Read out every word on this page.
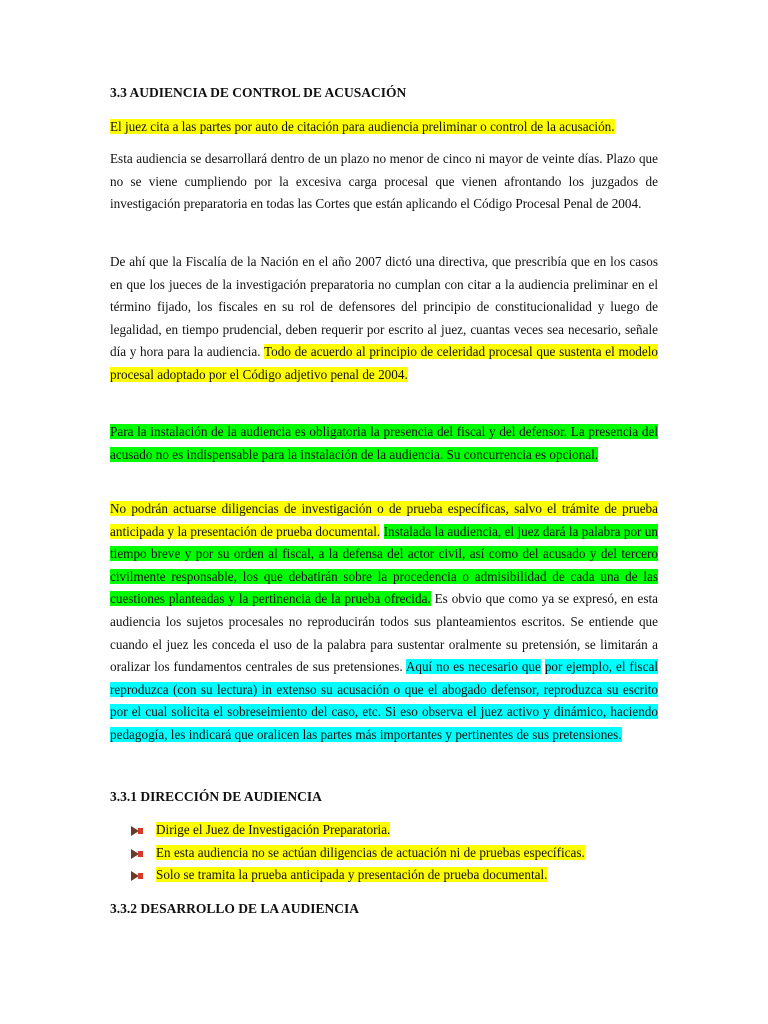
3.3 AUDIENCIA DE CONTROL DE ACUSACIÓN

El juez cita a las partes por auto de citación para audiencia preliminar o control de la acusación.

Esta audiencia se desarrollará dentro de un plazo no menor de cinco ni mayor de veinte días. Plazo que no se viene cumpliendo por la excesiva carga procesal que vienen afrontando los juzgados de investigación preparatoria en todas las Cortes que están aplicando el Código Procesal Penal de 2004.

De ahí que la Fiscalía de la Nación en el año 2007 dictó una directiva, que prescribía que en los casos en que los jueces de la investigación preparatoria no cumplan con citar a la audiencia preliminar en el término fijado, los fiscales en su rol de defensores del principio de constitucionalidad y luego de legalidad, en tiempo prudencial, deben requerir por escrito al juez, cuantas veces sea necesario, señale día y hora para la audiencia. Todo de acuerdo al principio de celeridad procesal que sustenta el modelo procesal adoptado por el Código adjetivo penal de 2004.

Para la instalación de la audiencia es obligatoria la presencia del fiscal y del defensor. La presencia del acusado no es indispensable para la instalación de la audiencia. Su concurrencia es opcional.

No podrán actuarse diligencias de investigación o de prueba específicas, salvo el trámite de prueba anticipada y la presentación de prueba documental. Instalada la audiencia, el juez dará la palabra por un tiempo breve y por su orden al fiscal, a la defensa del actor civil, así como del acusado y del tercero civilmente responsable, los que debatirán sobre la procedencia o admisibilidad de cada una de las cuestiones planteadas y la pertinencia de la prueba ofrecida. Es obvio que como ya se expresó, en esta audiencia los sujetos procesales no reproducirán todos sus planteamientos escritos. Se entiende que cuando el juez les conceda el uso de la palabra para sustentar oralmente su pretensión, se limitarán a oralizar los fundamentos centrales de sus pretensiones. Aquí no es necesario que por ejemplo, el fiscal reproduzca (con su lectura) in extenso su acusación o que el abogado defensor, reproduzca su escrito por el cual solicita el sobreseimiento del caso, etc. Si eso observa el juez activo y dinámico, haciendo pedagogía, les indicará que oralicen las partes más importantes y pertinentes de sus pretensiones.

3.3.1 DIRECCIÓN DE AUDIENCIA
Dirige el Juez de Investigación Preparatoria.
En esta audiencia no se actúan diligencias de actuación ni de pruebas específicas.
Solo se tramita la prueba anticipada y presentación de prueba documental.
3.3.2 DESARROLLO DE LA AUDIENCIA
